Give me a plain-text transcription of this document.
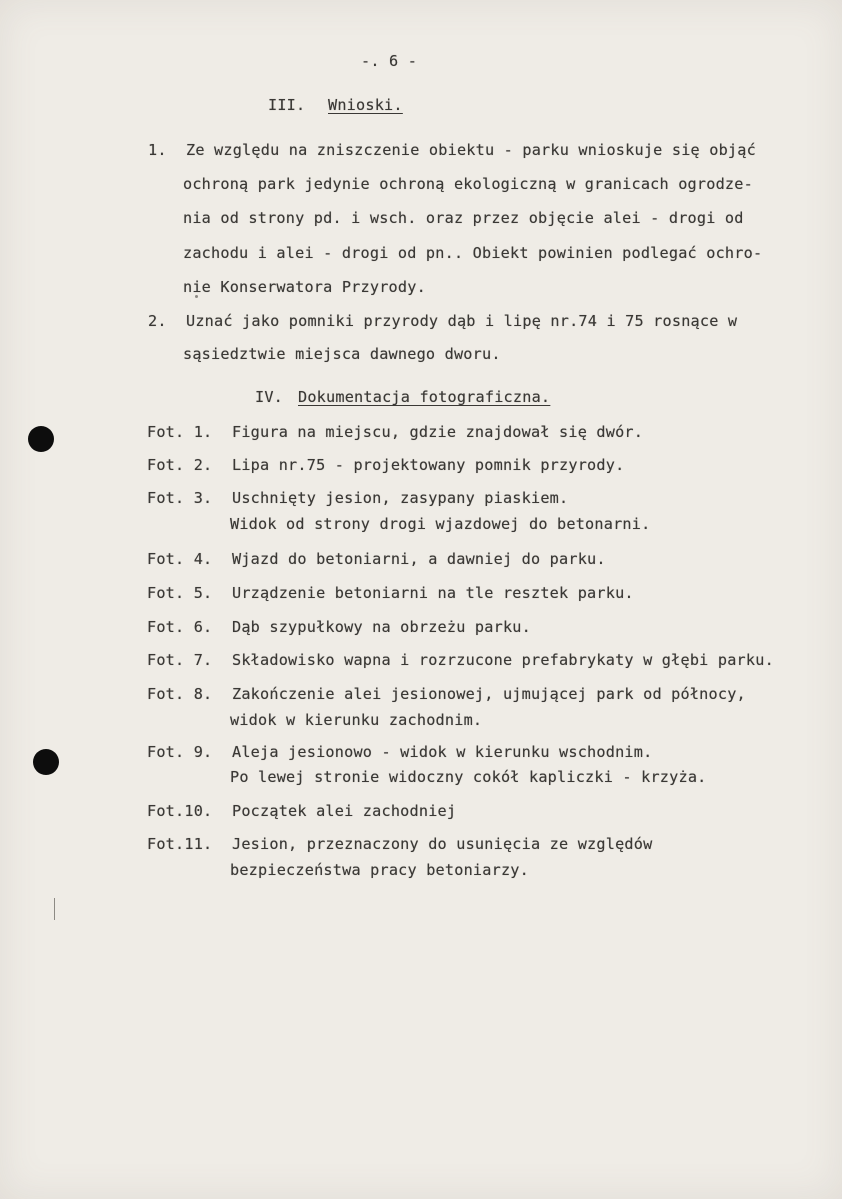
-. 6 -
III. Wnioski.
1. Ze względu na zniszczenie obiektu - parku wnioskuje się objąć
ochroną park jedynie ochroną ekologiczną w granicach ogrodze-
nia od strony pd. i wsch. oraz przez objęcie alei - drogi od
zachodu i alei - drogi od pn.. Obiekt powinien podlegać ochro-
nie Konserwatora Przyrody.
2. Uznać jako pomniki przyrody dąb i lipę nr.74 i 75 rosnące w
sąsiedztwie miejsca dawnego dworu.
IV. Dokumentacja fotograficzna.
Fot. 1. Figura na miejscu, gdzie znajdował się dwór.
Fot. 2. Lipa nr.75 - projektowany pomnik przyrody.
Fot. 3. Uschnięty jesion, zasypany piaskiem.
Widok od strony drogi wjazdowej do betonarni.
Fot. 4. Wjazd do betoniarni, a dawniej do parku.
Fot. 5. Urządzenie betoniarni na tle resztek parku.
Fot. 6. Dąb szypułkowy na obrzeżu parku.
Fot. 7. Składowisko wapna i rozrzucone prefabrykaty w głębi parku.
Fot. 8. Zakończenie alei jesionowej, ujmującej park od północy,
widok w kierunku zachodnim.
Fot. 9. Aleja jesionowo - widok w kierunku wschodnim.
Po lewej stronie widoczny cokół kapliczki - krzyża.
Fot.10. Początek alei zachodniej
Fot.11. Jesion, przeznaczony do usunięcia ze względów
bezpieczeństwa pracy betoniarzy.
